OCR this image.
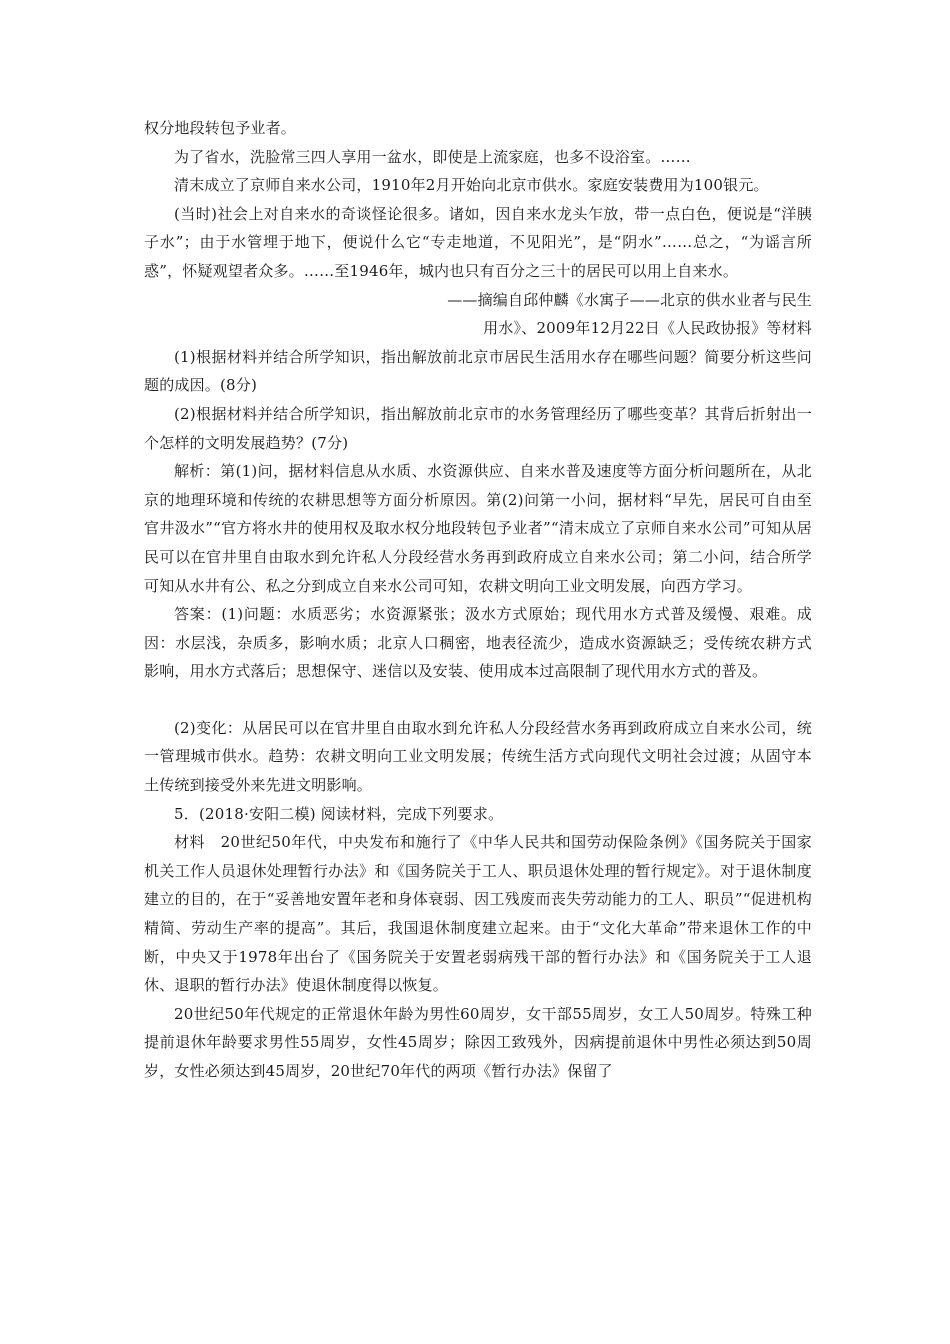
权分地段转包予业者。

为了省水，洗脸常三四人享用一盆水，即使是上流家庭，也多不设浴室。……

清末成立了京师自来水公司，1910年2月开始向北京市供水。家庭安装费用为100银元。

(当时)社会上对自来水的奇谈怪论很多。诸如，因自来水龙头乍放，带一点白色，便说是“洋胰子水”；由于水管埋于地下，便说什么它“专走地道，不见阳光”，是“阴水”……总之，“为谣言所惑”，怀疑观望者众多。……至1946年，城内也只有百分之三十的居民可以用上自来水。

——摘编自邱仲麟《水寓子——北京的供水业者与民生

用水》、2009年12月22日《人民政协报》等材料

(1)根据材料并结合所学知识，指出解放前北京市居民生活用水存在哪些问题？简要分析这些问题的成因。(8分)

(2)根据材料并结合所学知识，指出解放前北京市的水务管理经历了哪些变革？其背后折射出一个怎样的文明发展趋势？(7分)

解析：第(1)问，据材料信息从水质、水资源供应、自来水普及速度等方面分析问题所在，从北京的地理环境和传统的农耕思想等方面分析原因。第(2)问第一小问，据材料“早先，居民可自由至官井汲水”“官方将水井的使用权及取水权分地段转包予业者”“清末成立了京师自来水公司”可知从居民可以在官井里自由取水到允许私人分段经营水务再到政府成立自来水公司；第二小问，结合所学可知从水井有公、私之分到成立自来水公司可知，农耕文明向工业文明发展，向西方学习。

答案：(1)问题：水质恶劣；水资源紧张；汲水方式原始；现代用水方式普及缓慢、艰难。成因：水层浅，杂质多，影响水质；北京人口稠密，地表径流少，造成水资源缺乏；受传统农耕方式影响，用水方式落后；思想保守、迷信以及安装、使用成本过高限制了现代用水方式的普及。

(2)变化：从居民可以在官井里自由取水到允许私人分段经营水务再到政府成立自来水公司，统一管理城市供水。趋势：农耕文明向工业文明发展；传统生活方式向现代文明社会过渡；从固守本土传统到接受外来先进文明影响。

5．(2018·安阳二模) 阅读材料，完成下列要求。

材料　20世纪50年代，中央发布和施行了《中华人民共和国劳动保险条例》《国务院关于国家机关工作人员退休处理暂行办法》和《国务院关于工人、职员退休处理的暂行规定》。对于退休制度建立的目的，在于“妥善地安置年老和身体衰弱、因工残废而丧失劳动能力的工人、职员”“促进机构精简、劳动生产率的提高”。其后，我国退休制度建立起来。由于“文化大革命”带来退休工作的中断，中央又于1978年出台了《国务院关于安置老弱病残干部的暂行办法》和《国务院关于工人退休、退职的暂行办法》使退休制度得以恢复。

20世纪50年代规定的正常退休年龄为男性60周岁，女干部55周岁，女工人50周岁。特殊工种提前退休年龄要求男性55周岁，女性45周岁；除因工致残外，因病提前退休中男性必须达到50周岁，女性必须达到45周岁，20世纪70年代的两项《暂行办法》保留了
